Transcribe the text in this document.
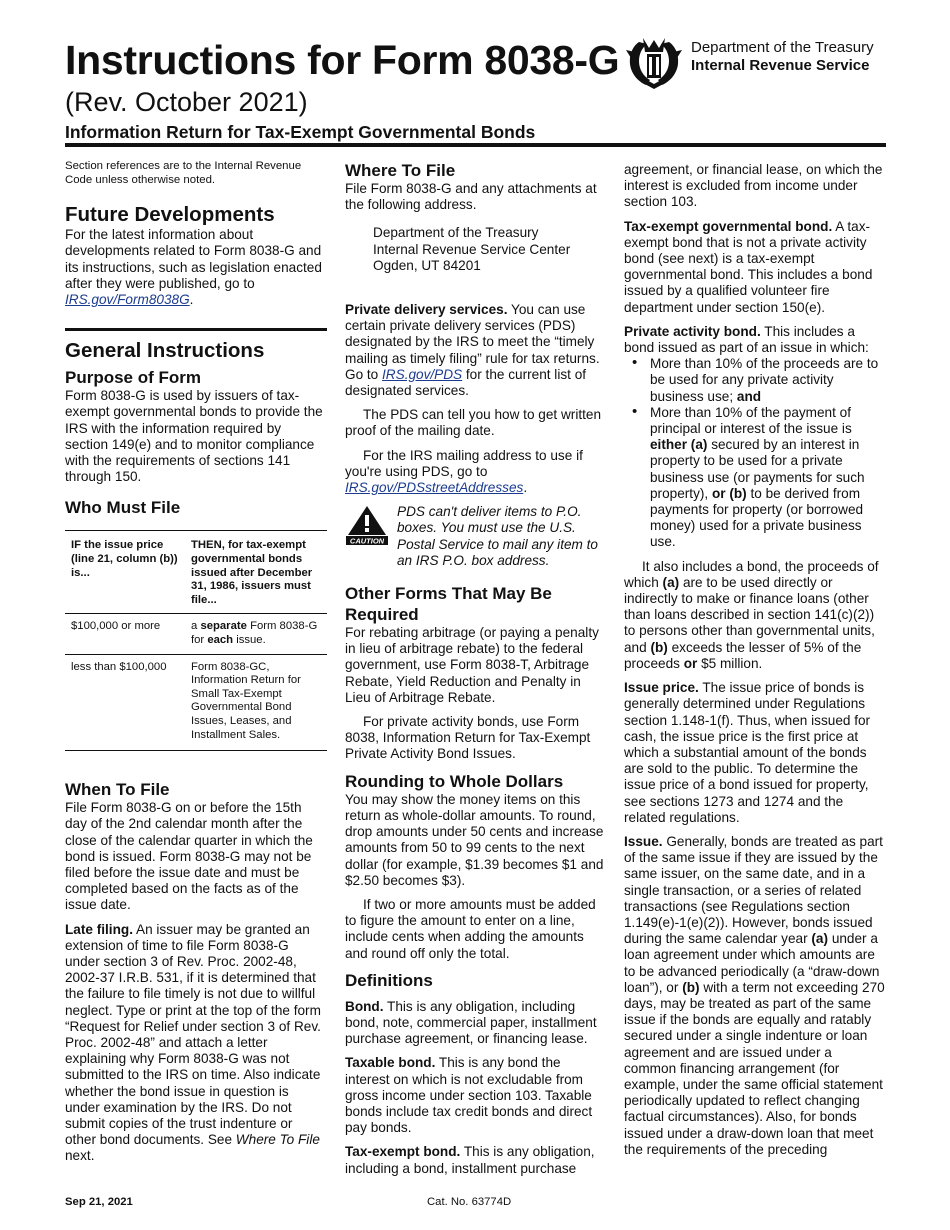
Instructions for Form 8038-G
(Rev. October 2021)
Information Return for Tax-Exempt Governmental Bonds
Department of the Treasury
Internal Revenue Service

Section references are to the Internal Revenue Code unless otherwise noted.

Future Developments

For the latest information about developments related to Form 8038-G and its instructions, such as legislation enacted after they were published, go to IRS.gov/Form8038G.

General Instructions
Purpose of Form

Form 8038-G is used by issuers of tax-exempt governmental bonds to provide the IRS with the information required by section 149(e) and to monitor compliance with the requirements of sections 141 through 150.

Who Must File
IF the issue price (line 21, column (b)) is...	THEN, for tax-exempt governmental bonds issued after December 31, 1986, issuers must file...
$100,000 or more	a separate Form 8038-G for each issue.
less than $100,000	Form 8038-GC, Information Return for Small Tax-Exempt Governmental Bond Issues, Leases, and Installment Sales.
When To File

File Form 8038-G on or before the 15th day of the 2nd calendar month after the close of the calendar quarter in which the bond is issued. Form 8038-G may not be filed before the issue date and must be completed based on the facts as of the issue date.

Late filing. An issuer may be granted an extension of time to file Form 8038-G under section 3 of Rev. Proc. 2002-48, 2002-37 I.R.B. 531, if it is determined that the failure to file timely is not due to willful neglect. Type or print at the top of the form “Request for Relief under section 3 of Rev. Proc. 2002-48” and attach a letter explaining why Form 8038-G was not submitted to the IRS on time. Also indicate whether the bond issue in question is under examination by the IRS. Do not submit copies of the trust indenture or other bond documents. See Where To File next.

Where To File

File Form 8038-G and any attachments at the following address.

Department of the Treasury
Internal Revenue Service Center
Ogden, UT 84201

Private delivery services. You can use certain private delivery services (PDS) designated by the IRS to meet the “timely mailing as timely filing” rule for tax returns. Go to IRS.gov/PDS for the current list of designated services.

The PDS can tell you how to get written proof of the mailing date.

For the IRS mailing address to use if you're using PDS, go to IRS.gov/PDSstreetAddresses.

CAUTION
PDS can't deliver items to P.O. boxes. You must use the U.S. Postal Service to mail any item to an IRS P.O. box address.
Other Forms That May Be Required

For rebating arbitrage (or paying a penalty in lieu of arbitrage rebate) to the federal government, use Form 8038-T, Arbitrage Rebate, Yield Reduction and Penalty in Lieu of Arbitrage Rebate.

For private activity bonds, use Form 8038, Information Return for Tax-Exempt Private Activity Bond Issues.

Rounding to Whole Dollars

You may show the money items on this return as whole-dollar amounts. To round, drop amounts under 50 cents and increase amounts from 50 to 99 cents to the next dollar (for example, $1.39 becomes $1 and $2.50 becomes $3).

If two or more amounts must be added to figure the amount to enter on a line, include cents when adding the amounts and round off only the total.

Definitions

Bond. This is any obligation, including bond, note, commercial paper, installment purchase agreement, or financing lease.

Taxable bond. This is any bond the interest on which is not excludable from gross income under section 103. Taxable bonds include tax credit bonds and direct pay bonds.

Tax-exempt bond. This is any obligation, including a bond, installment purchase

agreement, or financial lease, on which the interest is excluded from income under section 103.

Tax-exempt governmental bond. A tax-exempt bond that is not a private activity bond (see next) is a tax-exempt governmental bond. This includes a bond issued by a qualified volunteer fire department under section 150(e).

Private activity bond. This includes a bond issued as part of an issue in which:

• More than 10% of the proceeds are to be used for any private activity business use; and
• More than 10% of the payment of principal or interest of the issue is either (a) secured by an interest in property to be used for a private business use (or payments for such property), or (b) to be derived from payments for property (or borrowed money) used for a private business use.

It also includes a bond, the proceeds of which (a) are to be used directly or indirectly to make or finance loans (other than loans described in section 141(c)(2)) to persons other than governmental units, and (b) exceeds the lesser of 5% of the proceeds or $5 million.

Issue price. The issue price of bonds is generally determined under Regulations section 1.148-1(f). Thus, when issued for cash, the issue price is the first price at which a substantial amount of the bonds are sold to the public. To determine the issue price of a bond issued for property, see sections 1273 and 1274 and the related regulations.

Issue. Generally, bonds are treated as part of the same issue if they are issued by the same issuer, on the same date, and in a single transaction, or a series of related transactions (see Regulations section 1.149(e)-1(e)(2)). However, bonds issued during the same calendar year (a) under a loan agreement under which amounts are to be advanced periodically (a “draw-down loan”), or (b) with a term not exceeding 270 days, may be treated as part of the same issue if the bonds are equally and ratably secured under a single indenture or loan agreement and are issued under a common financing arrangement (for example, under the same official statement periodically updated to reflect changing factual circumstances). Also, for bonds issued under a draw-down loan that meet the requirements of the preceding

Sep 21, 2021	Cat. No. 63774D
